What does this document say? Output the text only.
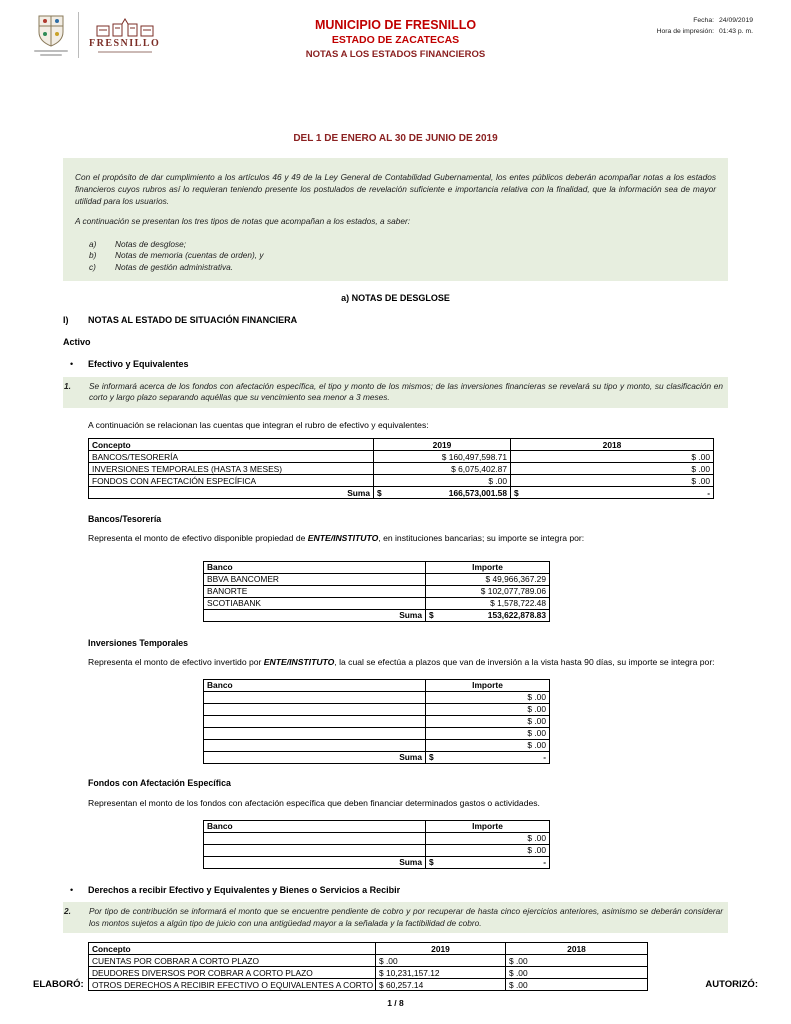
FRESNILLO
MUNICIPIO DE FRESNILLO
ESTADO DE ZACATECAS
NOTAS A LOS ESTADOS FINANCIEROS
Fecha: 24/09/2019
Hora de impresión: 01:43 p. m.
DEL 1 DE ENERO AL 30 DE JUNIO DE 2019

Con el propósito de dar cumplimiento a los artículos 46 y 49 de la Ley General de Contabilidad Gubernamental, los entes públicos deberán acompañar notas a los estados financieros cuyos rubros así lo requieran teniendo presente los postulados de revelación suficiente e importancia relativa con la finalidad, que la información sea de mayor utilidad para los usuarios.

A continuación se presentan los tres tipos de notas que acompañan a los estados, a saber:

a)	Notas de desglose;
b)	Notas de memoria (cuentas de orden), y
c)	Notas de gestión administrativa.
a) NOTAS DE DESGLOSE
I)	NOTAS AL ESTADO DE SITUACIÓN FINANCIERA
Activo
•	Efectivo y Equivalentes
1.	Se informará acerca de los fondos con afectación específica, el tipo y monto de los mismos; de las inversiones financieras se revelará su tipo y monto, su clasificación en corto y largo plazo separando aquéllas que su vencimiento sea menor a 3 meses.

A continuación se relacionan las cuentas que integran el rubro de efectivo y equivalentes:

Concepto	2019	2018
BANCOS/TESORERÍA	$ 160,497,598.71	$ .00
INVERSIONES TEMPORALES (HASTA 3 MESES)	$ 6,075,402.87	$ .00
FONDOS CON AFECTACIÓN ESPECÍFICA	$ .00	$ .00
Suma	$ 166,573,001.58	$ -
Bancos/Tesorería

Representa el monto de efectivo disponible propiedad de ENTE/INSTITUTO, en instituciones bancarias; su importe se integra por:

Banco	Importe
BBVA BANCOMER	$ 49,966,367.29
BANORTE	$ 102,077,789.06
SCOTIABANK	$ 1,578,722.48
Suma	$ 153,622,878.83
Inversiones Temporales

Representa el monto de efectivo invertido por ENTE/INSTITUTO, la cual se efectúa a plazos que van de inversión a la vista hasta 90 días, su importe se integra por:

Banco	Importe
	$ .00
	$ .00
	$ .00
	$ .00
	$ .00
Suma	$ -
Fondos con Afectación Específica

Representan el monto de los fondos con afectación específica que deben financiar determinados gastos o actividades.

Banco	Importe
	$ .00
	$ .00
Suma	$ -
•	Derechos a recibir Efectivo y Equivalentes y Bienes o Servicios a Recibir
2.	Por tipo de contribución se informará el monto que se encuentre pendiente de cobro y por recuperar de hasta cinco ejercicios anteriores, asimismo se deberán considerar los montos sujetos a algún tipo de juicio con una antigüedad mayor a la señalada y la factibilidad de cobro.
Concepto	2019	2018
CUENTAS POR COBRAR A CORTO PLAZO	$ .00	$ .00
DEUDORES DIVERSOS POR COBRAR A CORTO PLAZO	$ 10,231,157.12	$ .00
OTROS DERECHOS A RECIBIR EFECTIVO O EQUIVALENTES A CORTO	$ 60,257.14	$ .00
ELABORÓ:	AUTORIZÓ:
1 / 8
